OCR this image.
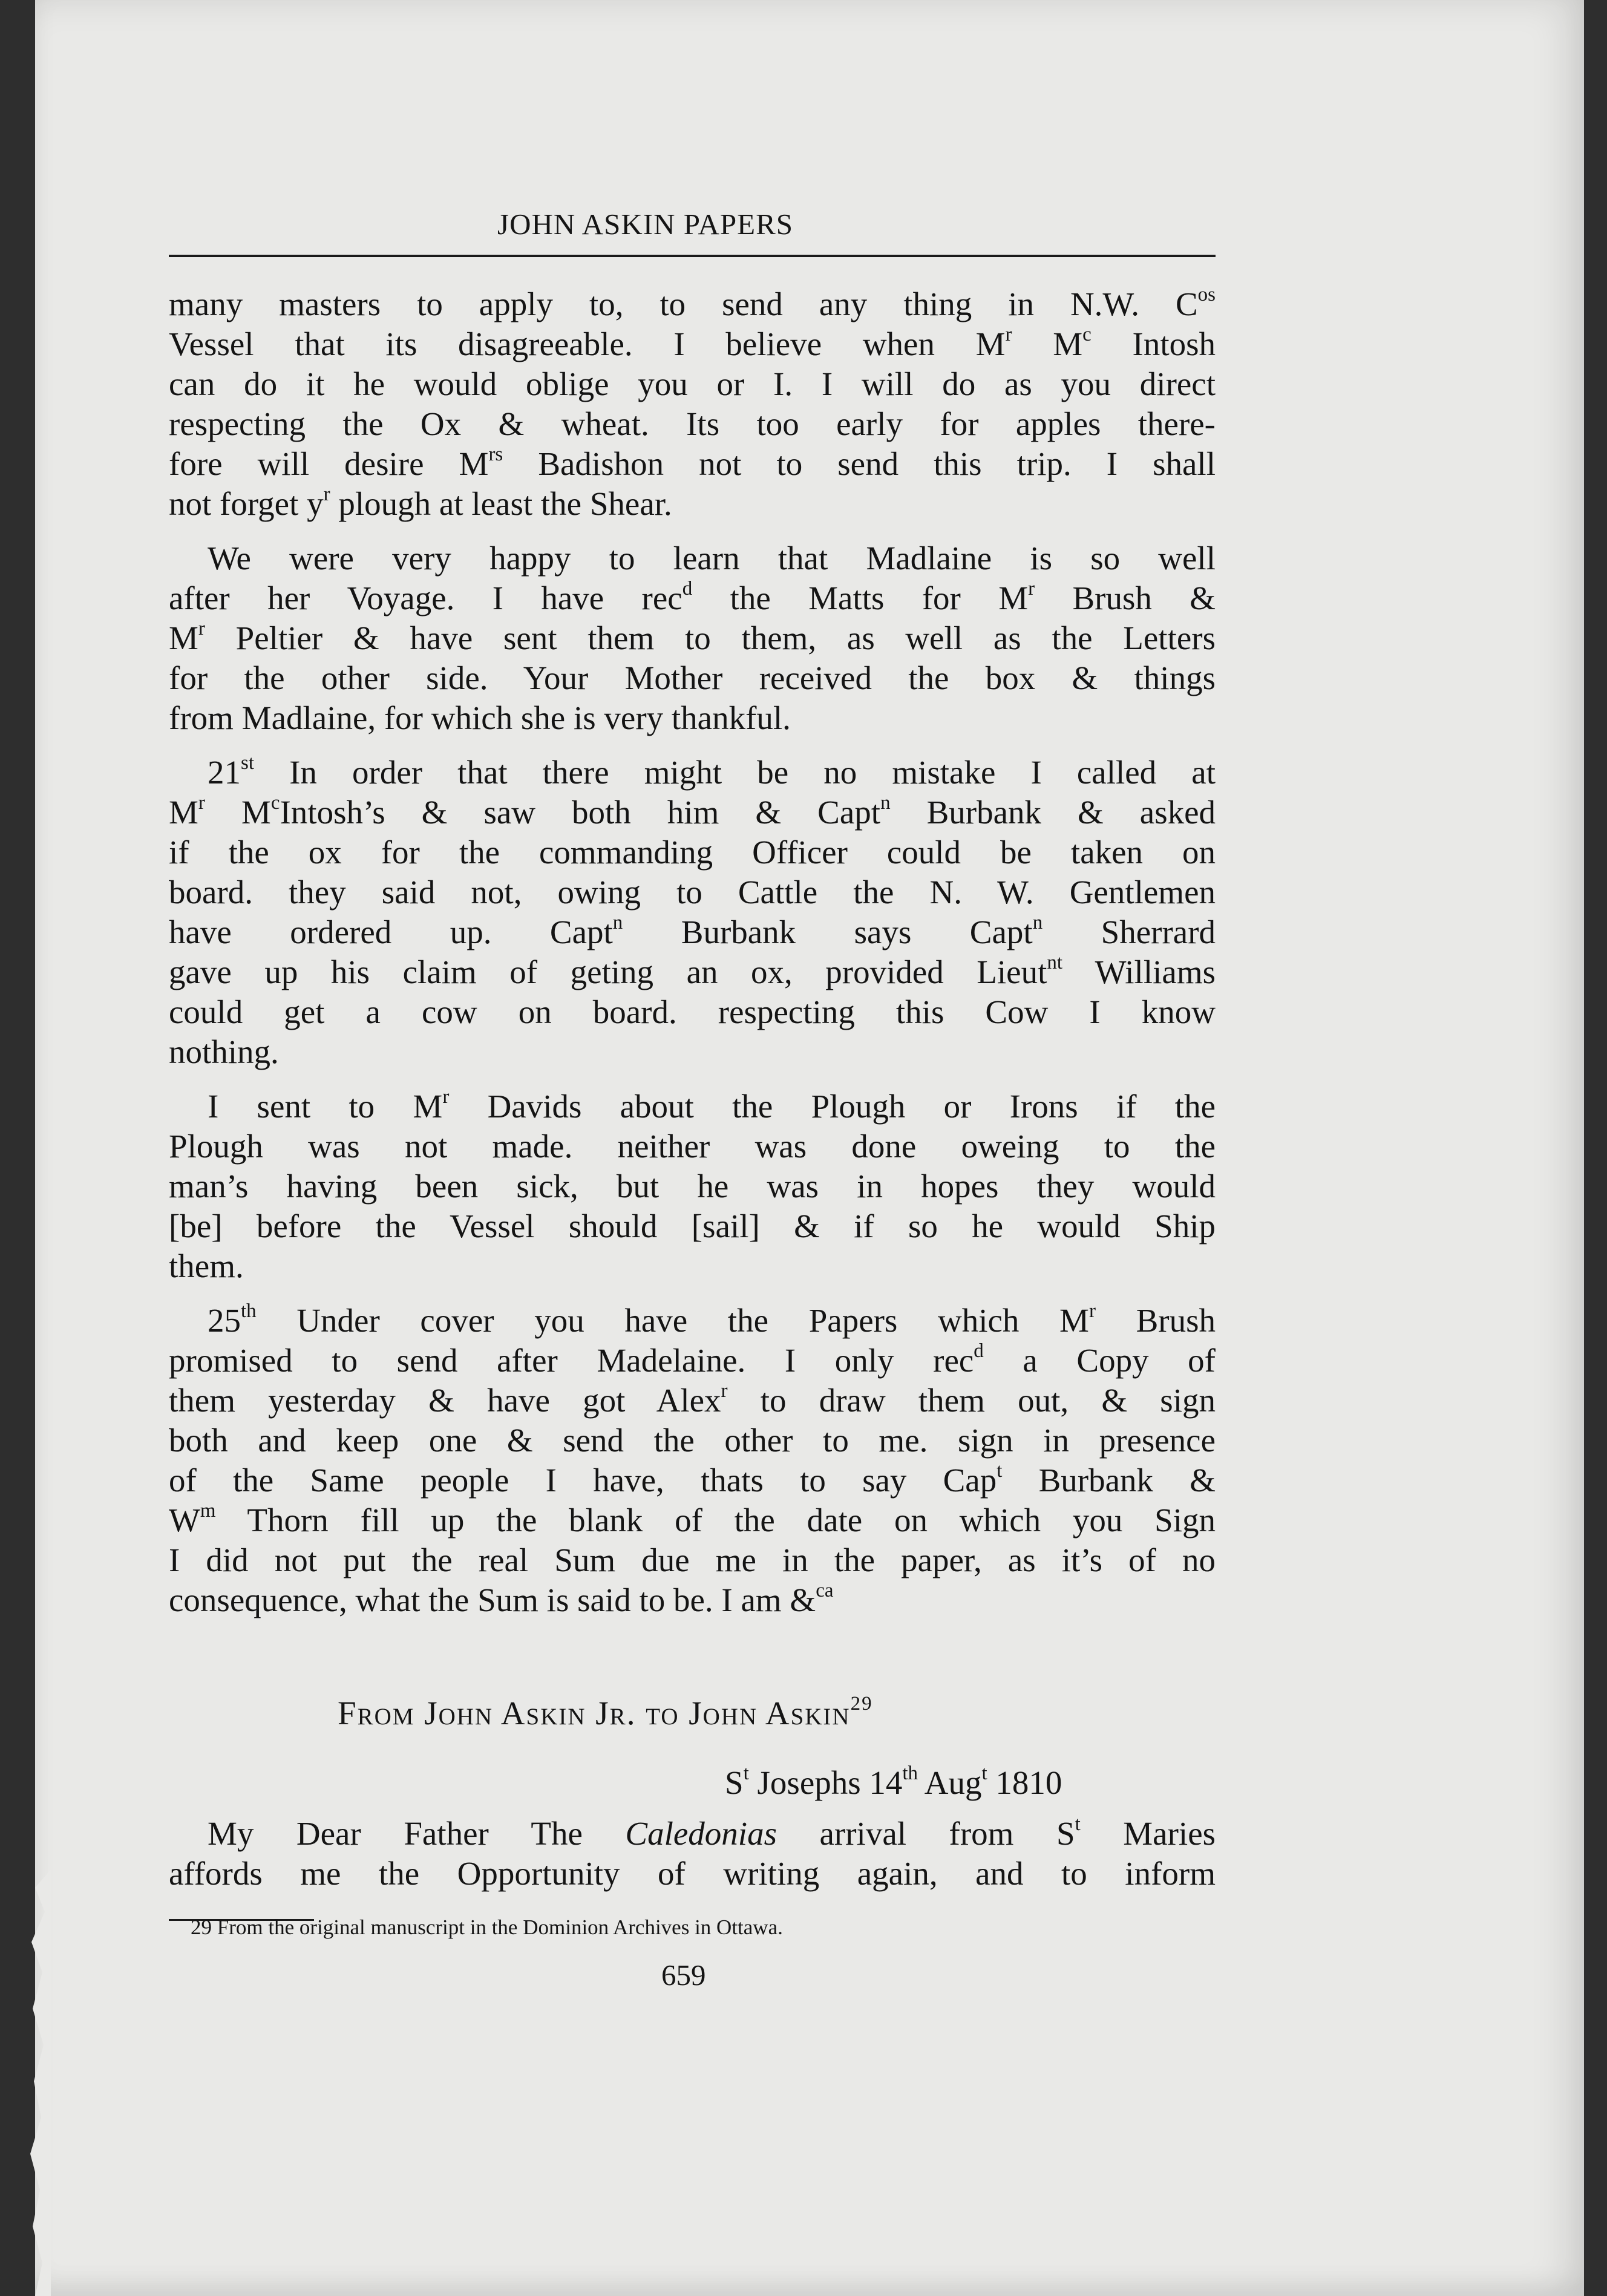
JOHN ASKIN PAPERS
many masters to apply to, to send any thing in N.W. $C^{os}$
Vessel that its disagreeable. I believe when $M^r$ $M^c$ Intosh
can do it he would oblige you or I. I will do as you direct
respecting the Ox & wheat. Its too early for apples there-
fore will desire $M^{rs}$ Badishon not to send this trip. I shall
not forget $y^r$ plough at least the Shear.
We were very happy to learn that Madlaine is so well
after her Voyage. I have rec$^d$ the Matts for $M^r$ Brush &
$M^r$ Peltier & have sent them to them, as well as the Letters
for the other side. Your Mother received the box & things
from Madlaine, for which she is very thankful.
21st In order that there might be no mistake I called at
$M^r$ $M^cIntosh’s$ & saw both him & Capt$^n$ Burbank & asked
if the ox for the commanding Officer could be taken on
board. they said not, owing to Cattle the N. W. Gentlemen
have ordered up. Capt$^n$ Burbank says Capt$^n$ Sherrard
gave up his claim of geting an ox, provided Lieut$^{nt}$ Williams
could get a cow on board. respecting this Cow I know
nothing.
I sent to $M^r$ Davids about the Plough or Irons if the
Plough was not made. neither was done oweing to the
man’s having been sick, but he was in hopes they would
[be] before the Vessel should [sail] & if so he would Ship
them.
25th Under cover you have the Papers which $M^r$ Brush
promised to send after Madelaine. I only rec$^d$ a Copy of
them yesterday & have got Alex$^r$ to draw them out, & sign
both and keep one & send the other to me. sign in presence
of the Same people I have, thats to say Cap$^t$ Burbank &
$W^m$ Thorn fill up the blank of the date on which you Sign
I did not put the real Sum due me in the paper, as it’s of no
consequence, what the Sum is said to be. I am &$^{ca}$
From John Askin Jr. to John Askin$^{29}$
$S^t$ Josephs 14th Aug$^t$ 1810
My Dear Father The Caledonias arrival from $S^t$ Maries
affords me the Opportunity of writing again, and to inform
29 From the original manuscript in the Dominion Archives in Ottawa.
659
